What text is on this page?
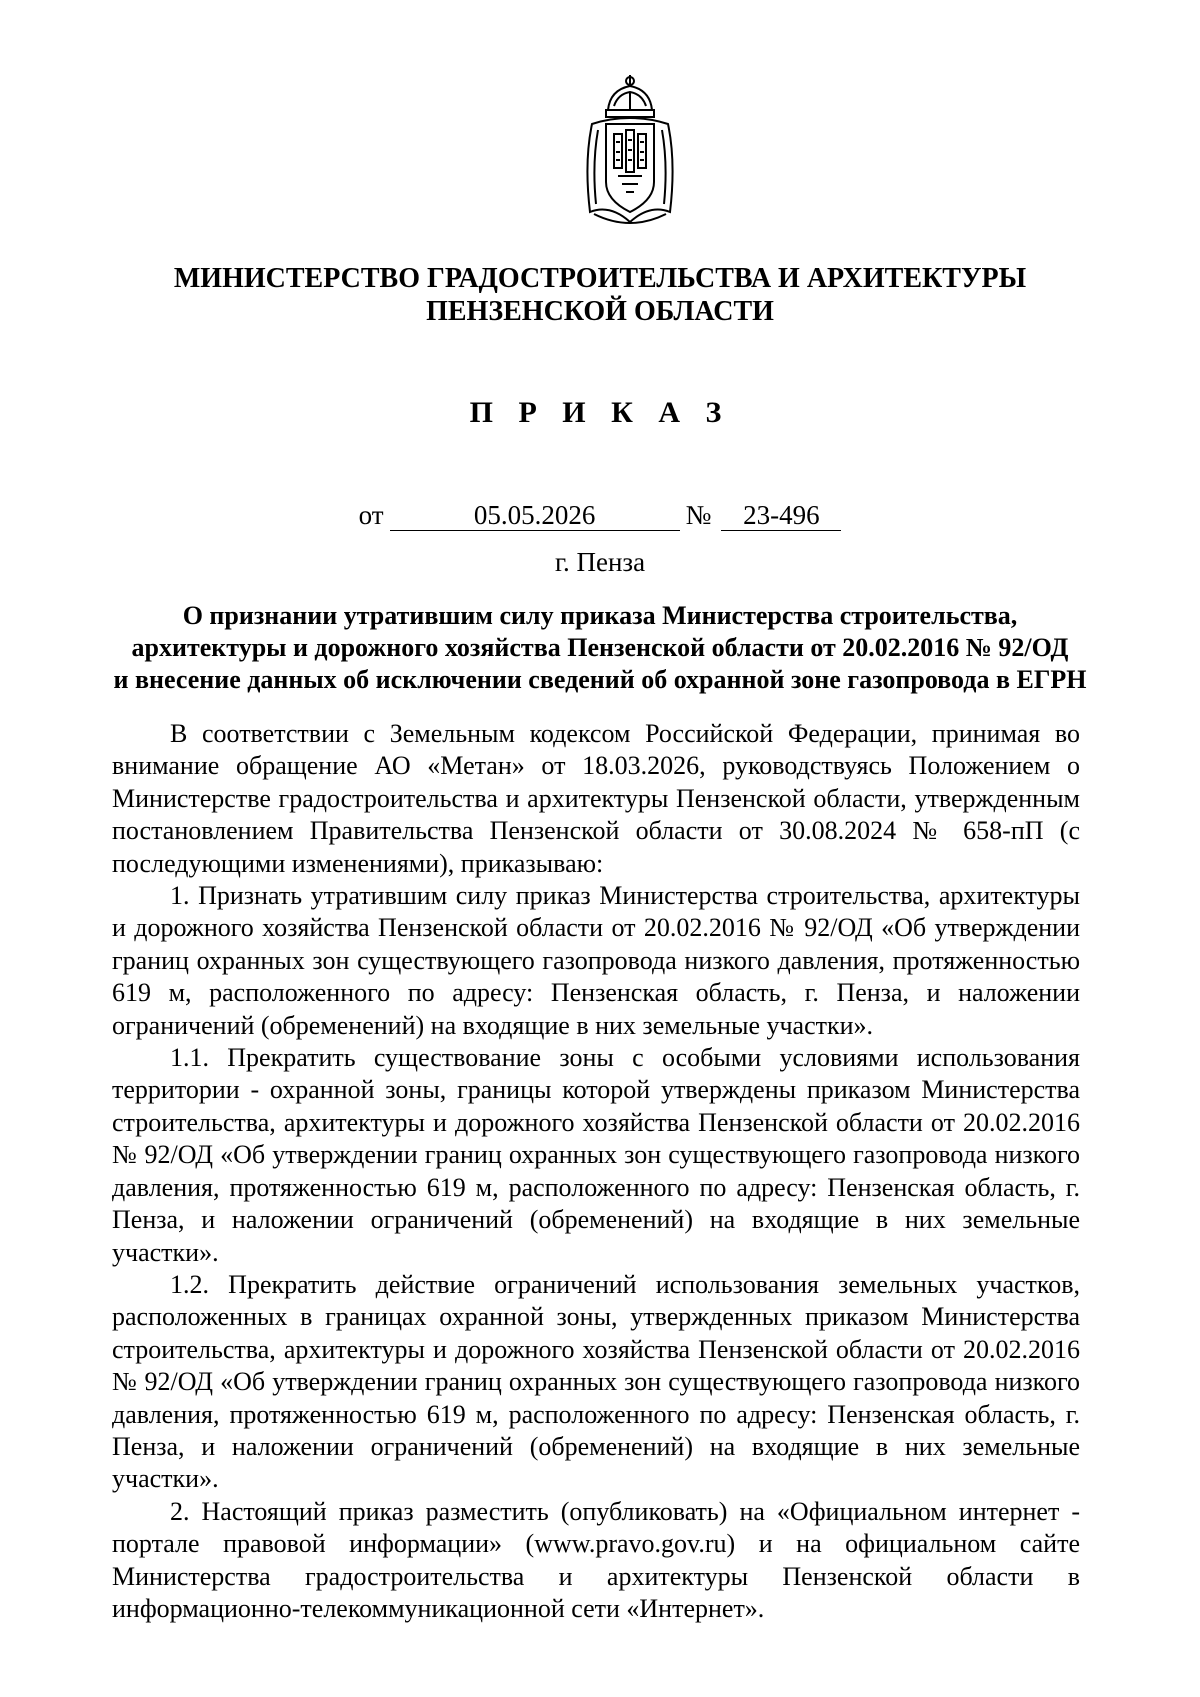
МИНИСТЕРСТВО ГРАДОСТРОИТЕЛЬСТВА И АРХИТЕКТУРЫ
ПЕНЗЕНСКОЙ ОБЛАСТИ
П Р И К А З
от	05.05.2026	№	23-496
г. Пенза
О признании утратившим силу приказа Министерства строительства,
архитектуры и дорожного хозяйства Пензенской области от 20.02.2016 № 92/ОД
и внесение данных об исключении сведений об охранной зоне газопровода в ЕГРН

В соответствии с Земельным кодексом Российской Федерации, принимая во внимание обращение АО «Метан» от 18.03.2026, руководствуясь Положением о Министерстве градостроительства и архитектуры Пензенской области, утвержденным постановлением Правительства Пензенской области от 30.08.2024 № 658-пП (с последующими изменениями), приказываю:

1. Признать утратившим силу приказ Министерства строительства, архитектуры и дорожного хозяйства Пензенской области от 20.02.2016 № 92/ОД «Об утверждении границ охранных зон существующего газопровода низкого давления, протяженностью 619 м, расположенного по адресу: Пензенская область, г. Пенза, и наложении ограничений (обременений) на входящие в них земельные участки».

1.1. Прекратить существование зоны с особыми условиями использования территории - охранной зоны, границы которой утверждены приказом Министерства строительства, архитектуры и дорожного хозяйства Пензенской области от 20.02.2016 № 92/ОД «Об утверждении границ охранных зон существующего газопровода низкого давления, протяженностью 619 м, расположенного по адресу: Пензенская область, г. Пенза, и наложении ограничений (обременений) на входящие в них земельные участки».

1.2. Прекратить действие ограничений использования земельных участков, расположенных в границах охранной зоны, утвержденных приказом Министерства строительства, архитектуры и дорожного хозяйства Пензенской области от 20.02.2016 № 92/ОД «Об утверждении границ охранных зон существующего газопровода низкого давления, протяженностью 619 м, расположенного по адресу: Пензенская область, г. Пенза, и наложении ограничений (обременений) на входящие в них земельные участки».

2. Настоящий приказ разместить (опубликовать) на «Официальном интернет - портале правовой информации» (www.pravo.gov.ru) и на официальном сайте Министерства градостроительства и архитектуры Пензенской области в информационно-телекоммуникационной сети «Интернет».
